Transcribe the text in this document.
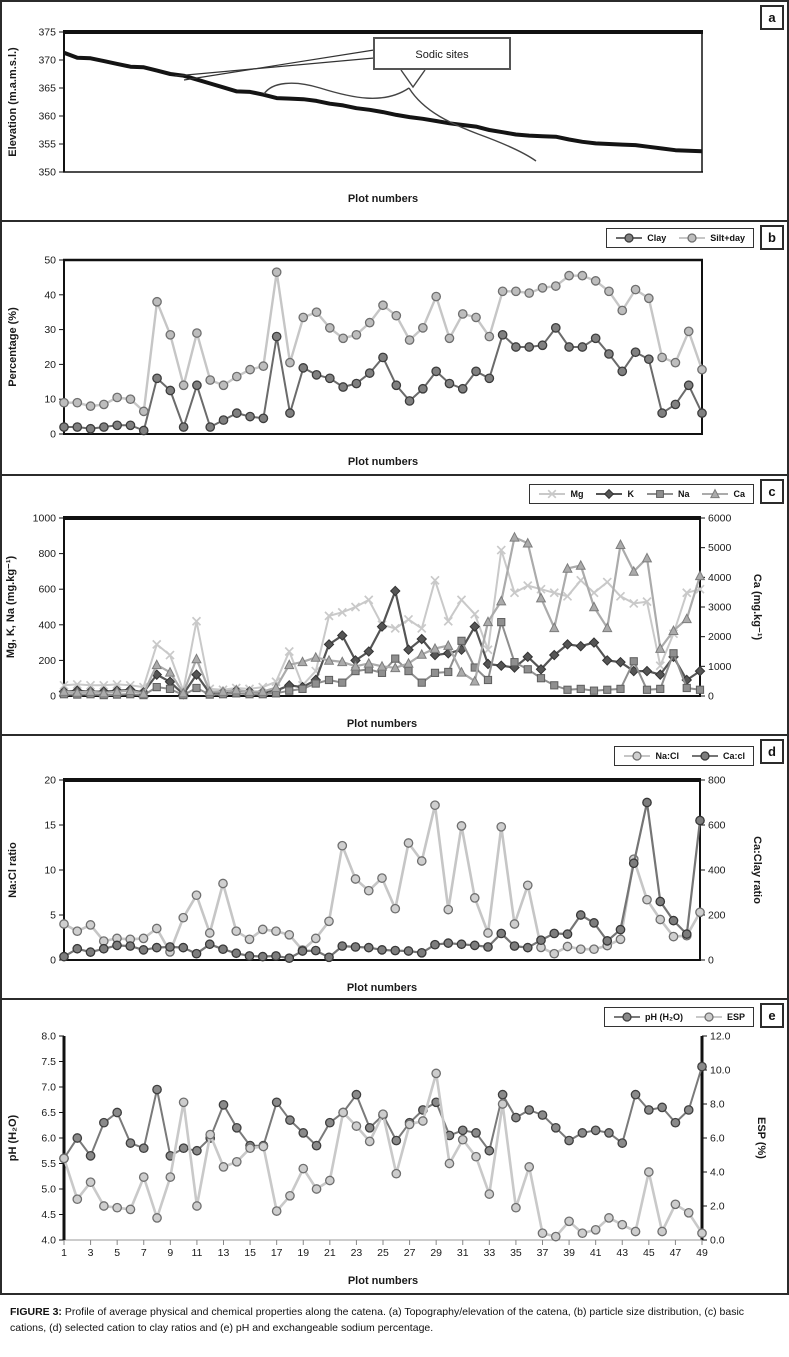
350
355
360
365
370
375
Elevation (m.a.m.s.l.)
Plot numbers
Sodic sites
a
0
10
20
30
40
50
Percentage (%)
Plot numbers
Clay	Silt+day	b
0
200
400
600
800
1000
Mg, K, Na (mg.kg⁻¹)
0
1000
2000
3000
4000
5000
6000
Ca (mg.kg⁻¹)
Plot numbers
Mg	K	Na	Ca	c
0
5
10
15
20
Na:Cl ratio
0
200
400
600
800
Ca:Clay ratio
Plot numbers
Na:Cl	Ca:cl	d
4.0
4.5
5.0
5.5
6.0
6.5
7.0
7.5
8.0
pH (H₂O)
0.0
2.0
4.0
6.0
8.0
10.0
12.0
ESP (%)
1 3 5 7 9 11 13 15 17 19 21 23 25 27 29 31 33 35 37 39 41 43 45 47 49
Plot numbers
pH (H₂O)	ESP	e
FIGURE 3: Profile of average physical and chemical properties along the catena. (a) Topography/elevation of the catena, (b) particle size distribution, (c) basic cations, (d) selected cation to clay ratios and (e) pH and exchangeable sodium percentage.
